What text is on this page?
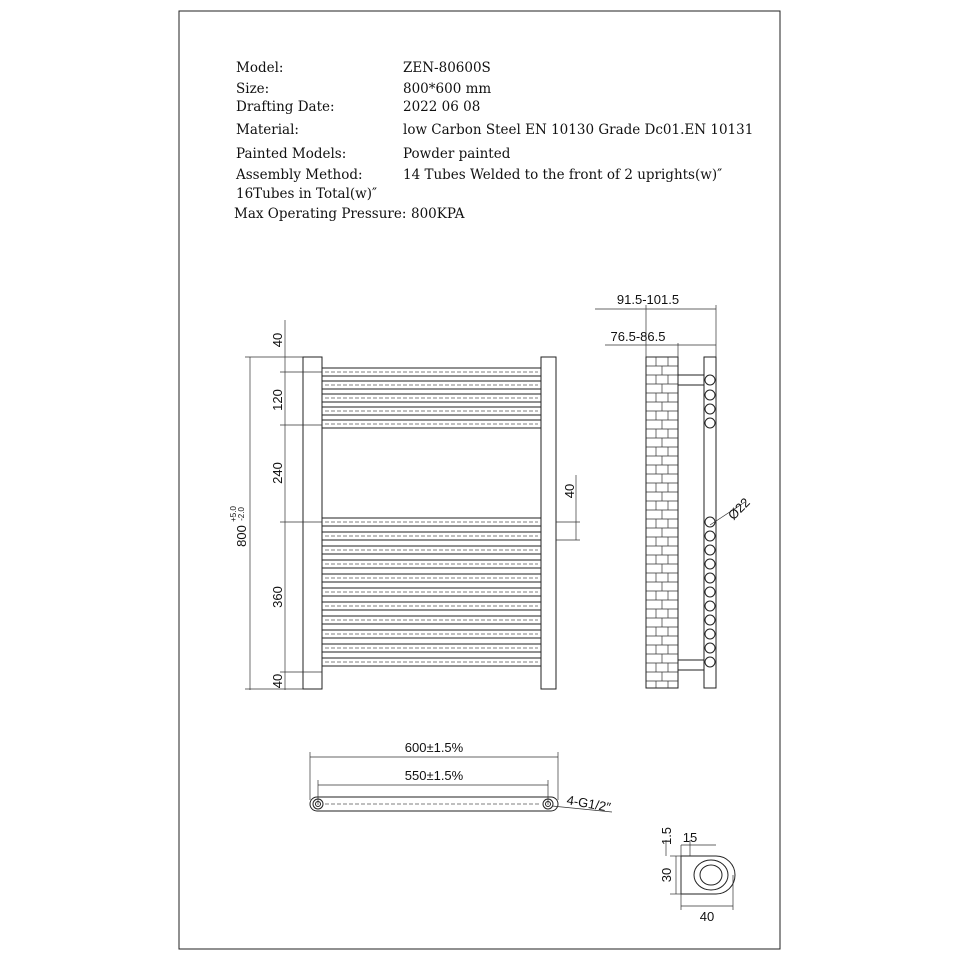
Model:	ZEN-80600S
Size:	800*600 mm
Drafting Date:	2022 06 08
Material:	low Carbon Steel EN 10130 Grade Dc01.EN 10131
Painted Models:	Powder painted
Assembly Method:	14 Tubes Welded to the front of 2 uprights(w)″
16Tubes in Total(w)″
Max Operating Pressure: 800KPA
40
120
240
360
40
800
+5.0 -2.0
40
91.5-101.5
76.5-86.5
Ø22
600±1.5%
550±1.5%
4-G1/2″
1.5 15
30
40
